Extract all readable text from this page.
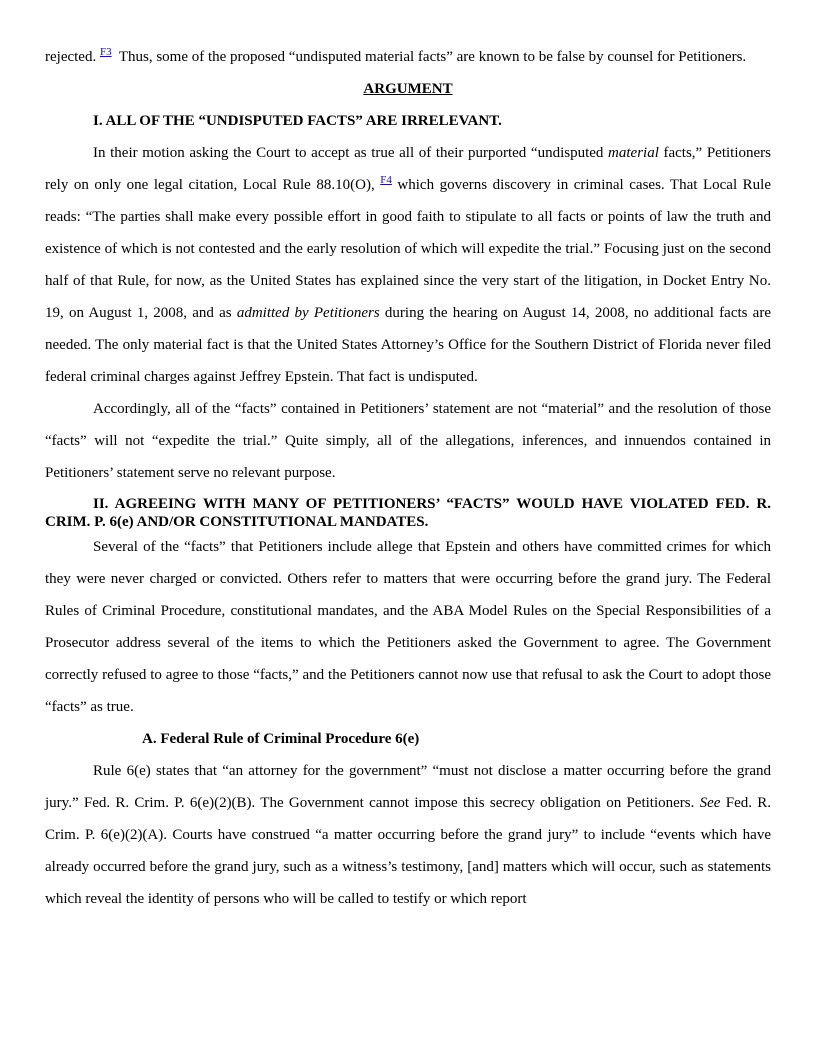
rejected. $^{F3}$ Thus, some of the proposed “undisputed material facts” are known to be false by counsel for Petitioners.

ARGUMENT
I. ALL OF THE “UNDISPUTED FACTS” ARE IRRELEVANT.

In their motion asking the Court to accept as true all of their purported “undisputed material facts,” Petitioners rely on only one legal citation, Local Rule 88.10(O), $^{F4}$ which governs discovery in criminal cases. That Local Rule reads: “The parties shall make every possible effort in good faith to stipulate to all facts or points of law the truth and existence of which is not contested and the early resolution of which will expedite the trial.” Focusing just on the second half of that Rule, for now, as the United States has explained since the very start of the litigation, in Docket Entry No. 19, on August 1, 2008, and as admitted by Petitioners during the hearing on August 14, 2008, no additional facts are needed. The only material fact is that the United States Attorney’s Office for the Southern District of Florida never filed federal criminal charges against Jeffrey Epstein. That fact is undisputed.

Accordingly, all of the “facts” contained in Petitioners’ statement are not “material” and the resolution of those “facts” will not “expedite the trial.” Quite simply, all of the allegations, inferences, and innuendos contained in Petitioners’ statement serve no relevant purpose.

II. AGREEING WITH MANY OF PETITIONERS’ “FACTS” WOULD HAVE VIOLATED FED. R. CRIM. P. 6(e) AND/OR CONSTITUTIONAL MANDATES.

Several of the “facts” that Petitioners include allege that Epstein and others have committed crimes for which they were never charged or convicted. Others refer to matters that were occurring before the grand jury. The Federal Rules of Criminal Procedure, constitutional mandates, and the ABA Model Rules on the Special Responsibilities of a Prosecutor address several of the items to which the Petitioners asked the Government to agree. The Government correctly refused to agree to those “facts,” and the Petitioners cannot now use that refusal to ask the Court to adopt those “facts” as true.

A. Federal Rule of Criminal Procedure 6(e)

Rule 6(e) states that “an attorney for the government” “must not disclose a matter occurring before the grand jury.” Fed. R. Crim. P. 6(e)(2)(B). The Government cannot impose this secrecy obligation on Petitioners. See Fed. R. Crim. P. 6(e)(2)(A). Courts have construed “a matter occurring before the grand jury” to include “events which have already occurred before the grand jury, such as a witness’s testimony, [and] matters which will occur, such as statements which reveal the identity of persons who will be called to testify or which report
